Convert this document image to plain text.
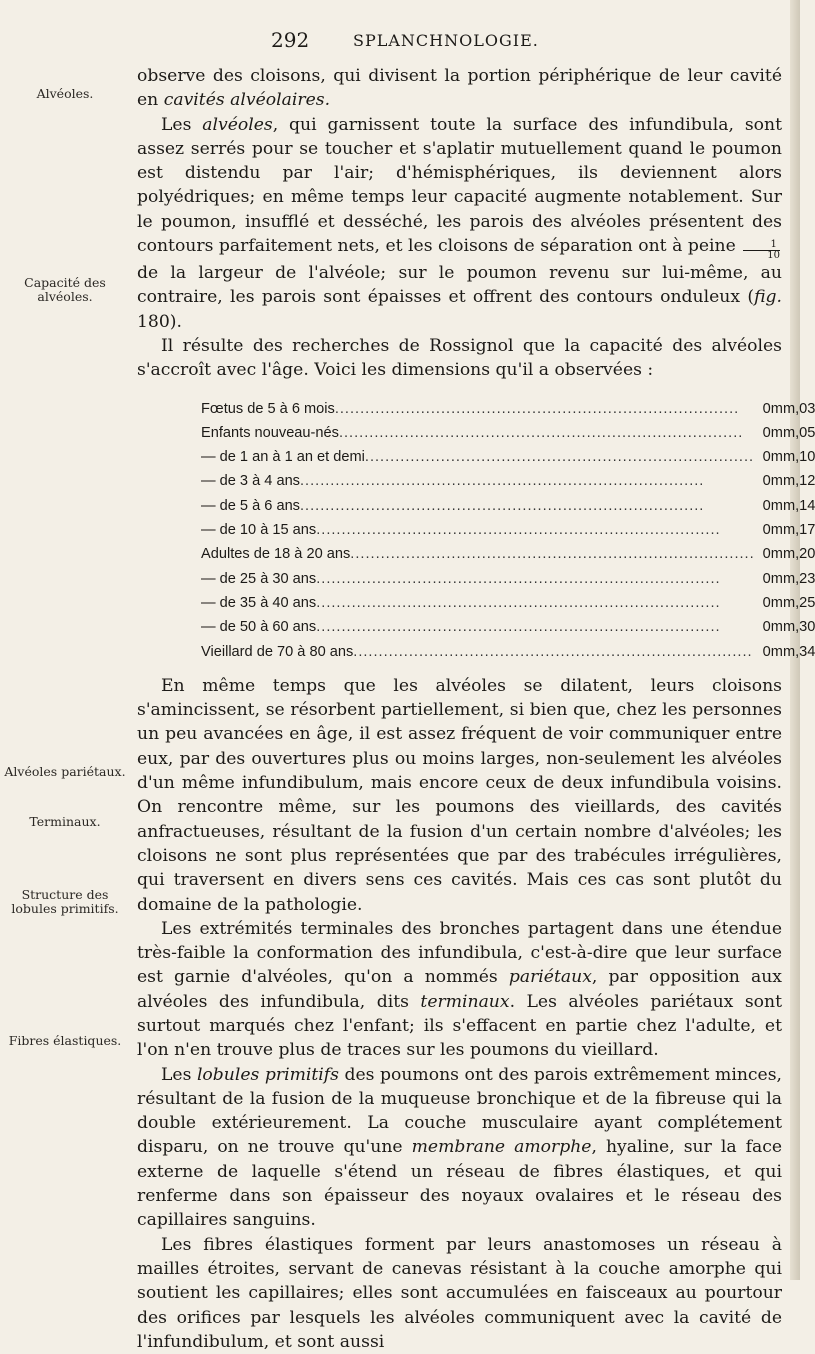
292	SPLANCHNOLOGIE.
Alvéoles.
Capacité des alvéoles.
Alvéoles pariétaux.
Terminaux.
Structure des lobules primitifs.
Fibres élastiques.

observe des cloisons, qui divisent la portion périphérique de leur cavité en cavités alvéolaires.

Les alvéoles, qui garnissent toute la surface des infundibula, sont assez serrés pour se toucher et s'aplatir mutuellement quand le poumon est distendu par l'air; d'hémisphériques, ils deviennent alors polyédriques; en même temps leur capacité augmente notablement. Sur le poumon, insufflé et desséché, les parois des alvéoles présentent des contours parfaitement nets, et les cloisons de séparation ont à peine $\frac{1}{10}$
de la largeur de l'alvéole; sur le poumon revenu sur lui-même, au contraire, les parois sont épaisses et offrent des contours onduleux (fig. 180).

Il résulte des recherches de Rossignol que la capacité des alvéoles s'accroît avec l'âge. Voici les dimensions qu'il a observées :

Fœtus de 5 à 6 mois................................................................................	0mm,03
Enfants nouveau-nés................................................................................	0mm,05
— de 1 an à 1 an et demi.............................................................................	0mm,10
— de 3 à 4 ans................................................................................	0mm,12
— de 5 à 6 ans................................................................................	0mm,14
— de 10 à 15 ans................................................................................	0mm,17
Adultes de 18 à 20 ans................................................................................	0mm,20
— de 25 à 30 ans................................................................................	0mm,23
— de 35 à 40 ans................................................................................	0mm,25
— de 50 à 60 ans................................................................................	0mm,30
Vieillard de 70 à 80 ans...............................................................................	0mm,34

En même temps que les alvéoles se dilatent, leurs cloisons s'amincissent, se résorbent partiellement, si bien que, chez les personnes un peu avancées en âge, il est assez fréquent de voir communiquer entre eux, par des ouvertures plus ou moins larges, non-seulement les alvéoles d'un même infundibulum, mais encore ceux de deux infundibula voisins. On rencontre même, sur les poumons des vieillards, des cavités anfractueuses, résultant de la fusion d'un certain nombre d'alvéoles; les cloisons ne sont plus représentées que par des trabécules irrégulières, qui traversent en divers sens ces cavités. Mais ces cas sont plutôt du domaine de la pathologie.

Les extrémités terminales des bronches partagent dans une étendue très-faible la conformation des infundibula, c'est-à-dire que leur surface est garnie d'alvéoles, qu'on a nommés pariétaux, par opposition aux alvéoles des infundibula, dits terminaux. Les alvéoles pariétaux sont surtout marqués chez l'enfant; ils s'effacent en partie chez l'adulte, et l'on n'en trouve plus de traces sur les poumons du vieillard.

Les lobules primitifs des poumons ont des parois extrêmement minces, résultant de la fusion de la muqueuse bronchique et de la fibreuse qui la double extérieurement. La couche musculaire ayant complétement disparu, on ne trouve qu'une membrane amorphe, hyaline, sur la face externe de laquelle s'étend un réseau de fibres élastiques, et qui renferme dans son épaisseur des noyaux ovalaires et le réseau des capillaires sanguins.

Les fibres élastiques forment par leurs anastomoses un réseau à mailles étroites, servant de canevas résistant à la couche amorphe qui soutient les capillaires; elles sont accumulées en faisceaux au pourtour des orifices par lesquels les alvéoles communiquent avec la cavité de l'infundibulum, et sont aussi
